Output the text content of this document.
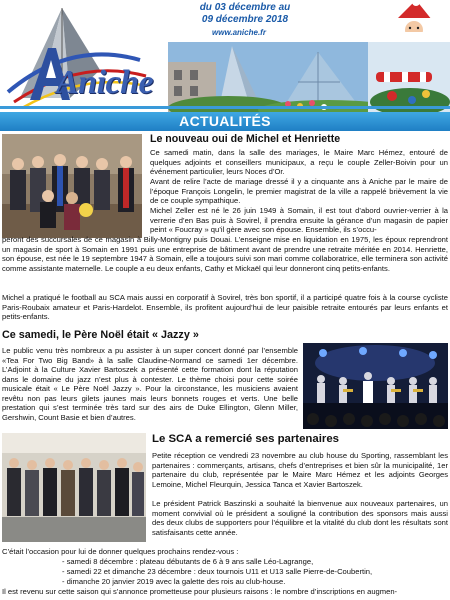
Aniche
du 03 décembre au
09 décembre 2018
www.aniche.fr
ACTUALITÉS
Le nouveau oui de Michel et Henriette
Ce samedi matin, dans la salle des mariages, le Maire Marc Hémez, entouré de quelques adjoints et conseillers municipaux, a reçu le couple Zeller-Boivin pour un événement particulier, leurs Noces d’Or.
Avant de relire l’acte de mariage dressé il y a cinquante ans à Aniche par le maire de l’époque François Longelin, le premier magistrat de la ville a rappelé brièvement la vie de ce couple sympathique.
Michel Zeller est né le 26 juin 1949 à Somain, il est tout d’abord ouvrier-verrier à la verrerie d’en Bas puis à Sovirel, il prendra ensuite la gérance d’un magasin de papier peint « Foucray » qu’il gère avec son épouse. Ensemble, ils s’occu-
peront des succursales de ce magasin à Billy-Montigny puis Douai. L’enseigne mise en liquidation en 1975, les époux reprendront un magasin de sport à Somain en 1991 puis une entreprise de bâtiment avant de prendre une retraite méritée en 2014. Henriette, son épouse, est née le 19 septembre 1947 à Somain, elle a toujours suivi son mari comme collaboratrice, elle terminera son activité comme assistante maternelle. Le couple a eu deux enfants, Cathy et Mickaël qui leur donneront cinq petits-enfants.
Michel a pratiqué le football au SCA mais aussi en corporatif à Sovirel, très bon sportif, il a participé quatre fois à la course cycliste Paris-Roubaix amateur et Paris-Hardelot. Ensemble, ils profitent aujourd’hui de leur paisible retraite entourés par leurs enfants et petits-enfants.
Ce samedi, le Père Noël était « Jazzy »
Le public venu très nombreux a pu assister à un super concert donné par l’ensemble «Tea For Two Big Band» à la salle Claudine-Normand ce samedi 1er décembre. L’Adjoint à la Culture Xavier Bartoszek a présenté cette formation dont la réputation dans le domaine du jazz n’est plus à contester. Le thème choisi pour cette soirée musicale était « Le Père Noël Jazzy ». Pour la circonstance, les musiciens avaient revêtu non pas leurs gilets jaunes mais leurs bonnets rouges et verts. Une belle prestation qui s’est terminée très tard sur des airs de Duke Ellington, Glenn Miller, Gershwin, Count Basie et bien d’autres.
Le SCA a remercié ses partenaires
Petite réception ce vendredi 23 novembre au club house du Sporting, rassemblant les partenaires : commerçants, artisans, chefs d’entreprises et bien sûr la municipalité, 1er partenaire du club, représentée par le Maire Marc Hémez et les adjoints Georges Lemoine, Michel Fleurquin, Jessica Tanca et Xavier Bartoszek.
Le président Patrick Baszinski a souhaité la bienvenue aux nouveaux partenaires, un moment convivial où le président a souligné la contribution des sponsors mais aussi des deux clubs de supporters pour l’équilibre et la vitalité du club dont les résultats sont satisfaisants cette année.
C’était l’occasion pour lui de donner quelques prochains rendez-vous :
- samedi 8 décembre : plateau débutants de 6 à 9 ans salle Léo-Lagrange,
- samedi 22 et dimanche 23 décembre : deux tournois U11 et U13 salle Pierre-de-Coubertin,
- dimanche 20 janvier 2019 avec la galette des rois au club-house.
Il est revenu sur cette saison qui s’annonce prometteuse pour plusieurs raisons : le nombre d’inscriptions en augmen-
